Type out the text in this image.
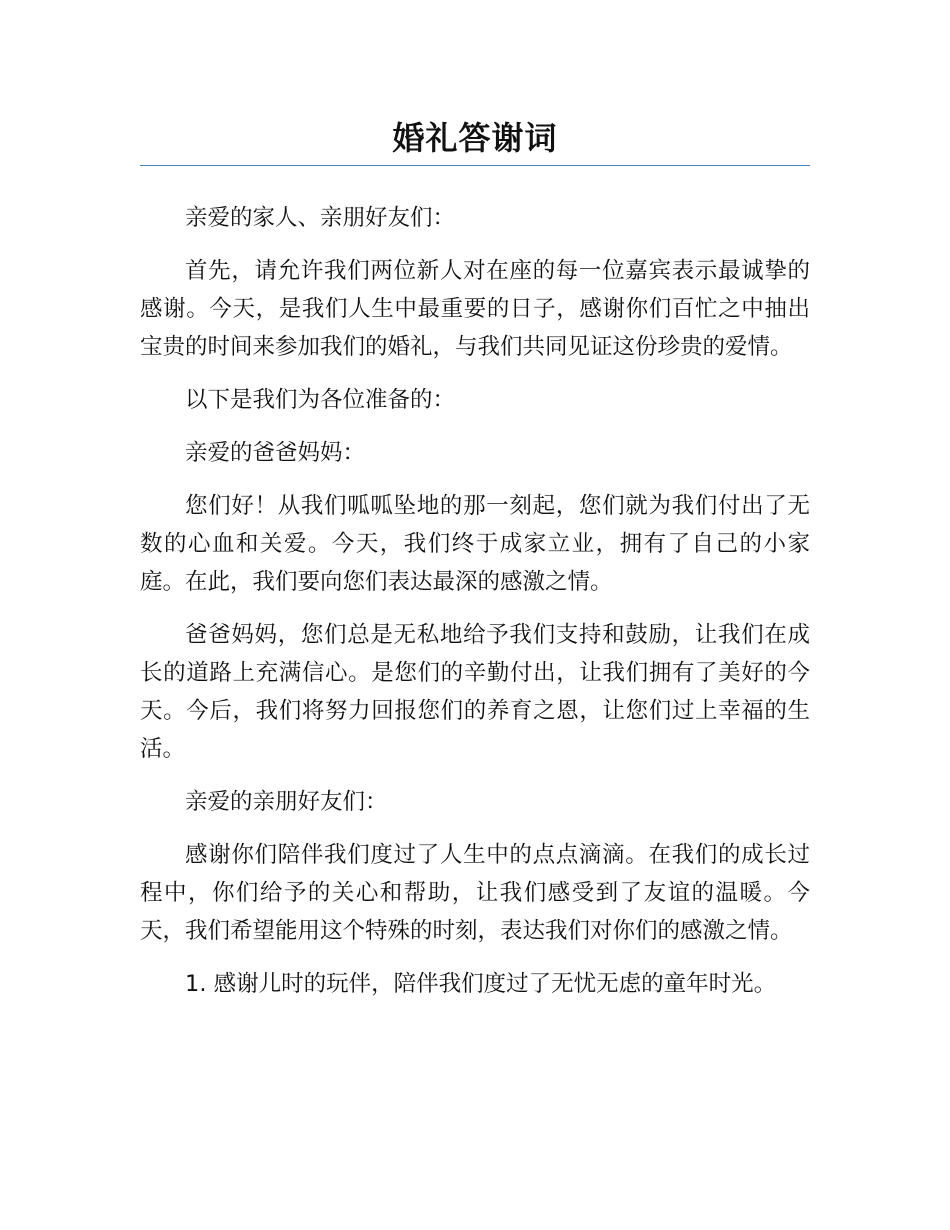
婚礼答谢词

亲爱的家人、亲朋好友们：

首先，请允许我们两位新人对在座的每一位嘉宾表示最诚挚的感谢。今天，是我们人生中最重要的日子，感谢你们百忙之中抽出宝贵的时间来参加我们的婚礼，与我们共同见证这份珍贵的爱情。

以下是我们为各位准备的：

亲爱的爸爸妈妈：

您们好！从我们呱呱坠地的那一刻起，您们就为我们付出了无数的心血和关爱。今天，我们终于成家立业，拥有了自己的小家庭。在此，我们要向您们表达最深的感激之情。

爸爸妈妈，您们总是无私地给予我们支持和鼓励，让我们在成长的道路上充满信心。是您们的辛勤付出，让我们拥有了美好的今天。今后，我们将努力回报您们的养育之恩，让您们过上幸福的生活。

亲爱的亲朋好友们：

感谢你们陪伴我们度过了人生中的点点滴滴。在我们的成长过程中，你们给予的关心和帮助，让我们感受到了友谊的温暖。今天，我们希望能用这个特殊的时刻，表达我们对你们的感激之情。

1. 感谢儿时的玩伴，陪伴我们度过了无忧无虑的童年时光。
